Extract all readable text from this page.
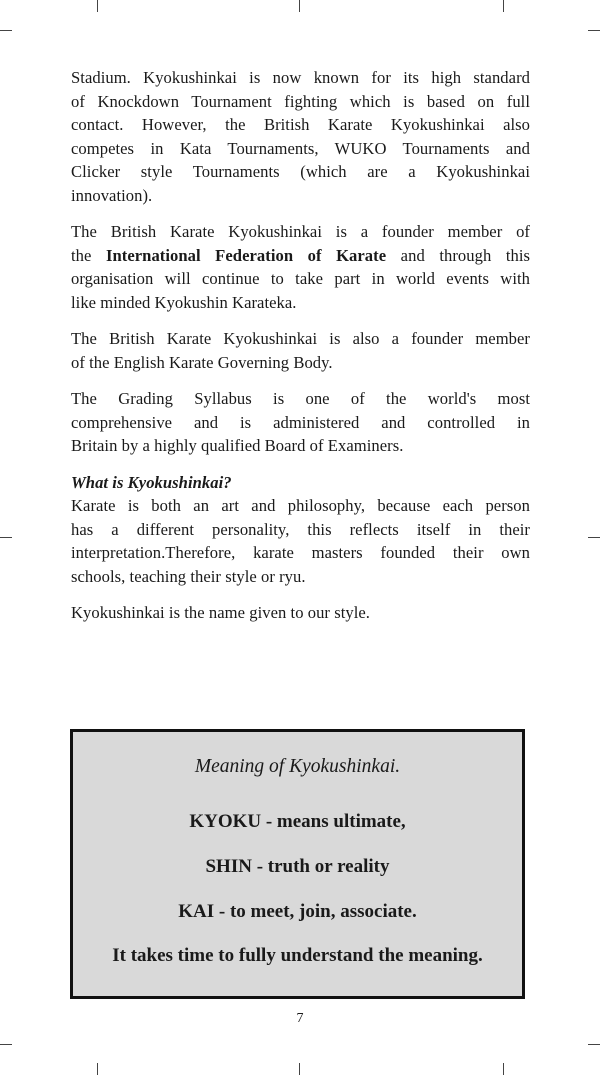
Stadium. Kyokushinkai is now known for its high standard
of Knockdown Tournament fighting which is based on full
contact. However, the British Karate Kyokushinkai also
competes in Kata Tournaments, WUKO Tournaments and
Clicker style Tournaments (which are a Kyokushinkai
innovation).

The British Karate Kyokushinkai is a founder member of
the International Federation of Karate and through this
organisation will continue to take part in world events with
like minded Kyokushin Karateka.

The British Karate Kyokushinkai is also a founder member
of the English Karate Governing Body.

The Grading Syllabus is one of the world's most
comprehensive and is administered and controlled in
Britain by a highly qualified Board of Examiners.

What is Kyokushinkai?
Karate is both an art and philosophy, because each person
has a different personality, this reflects itself in their
interpretation.Therefore, karate masters founded their own
schools, teaching their style or ryu.

Kyokushinkai is the name given to our style.

Meaning of Kyokushinkai.
KYOKU - means ultimate,
SHIN - truth or reality
KAI - to meet, join, associate.
It takes time to fully understand the meaning.
7
